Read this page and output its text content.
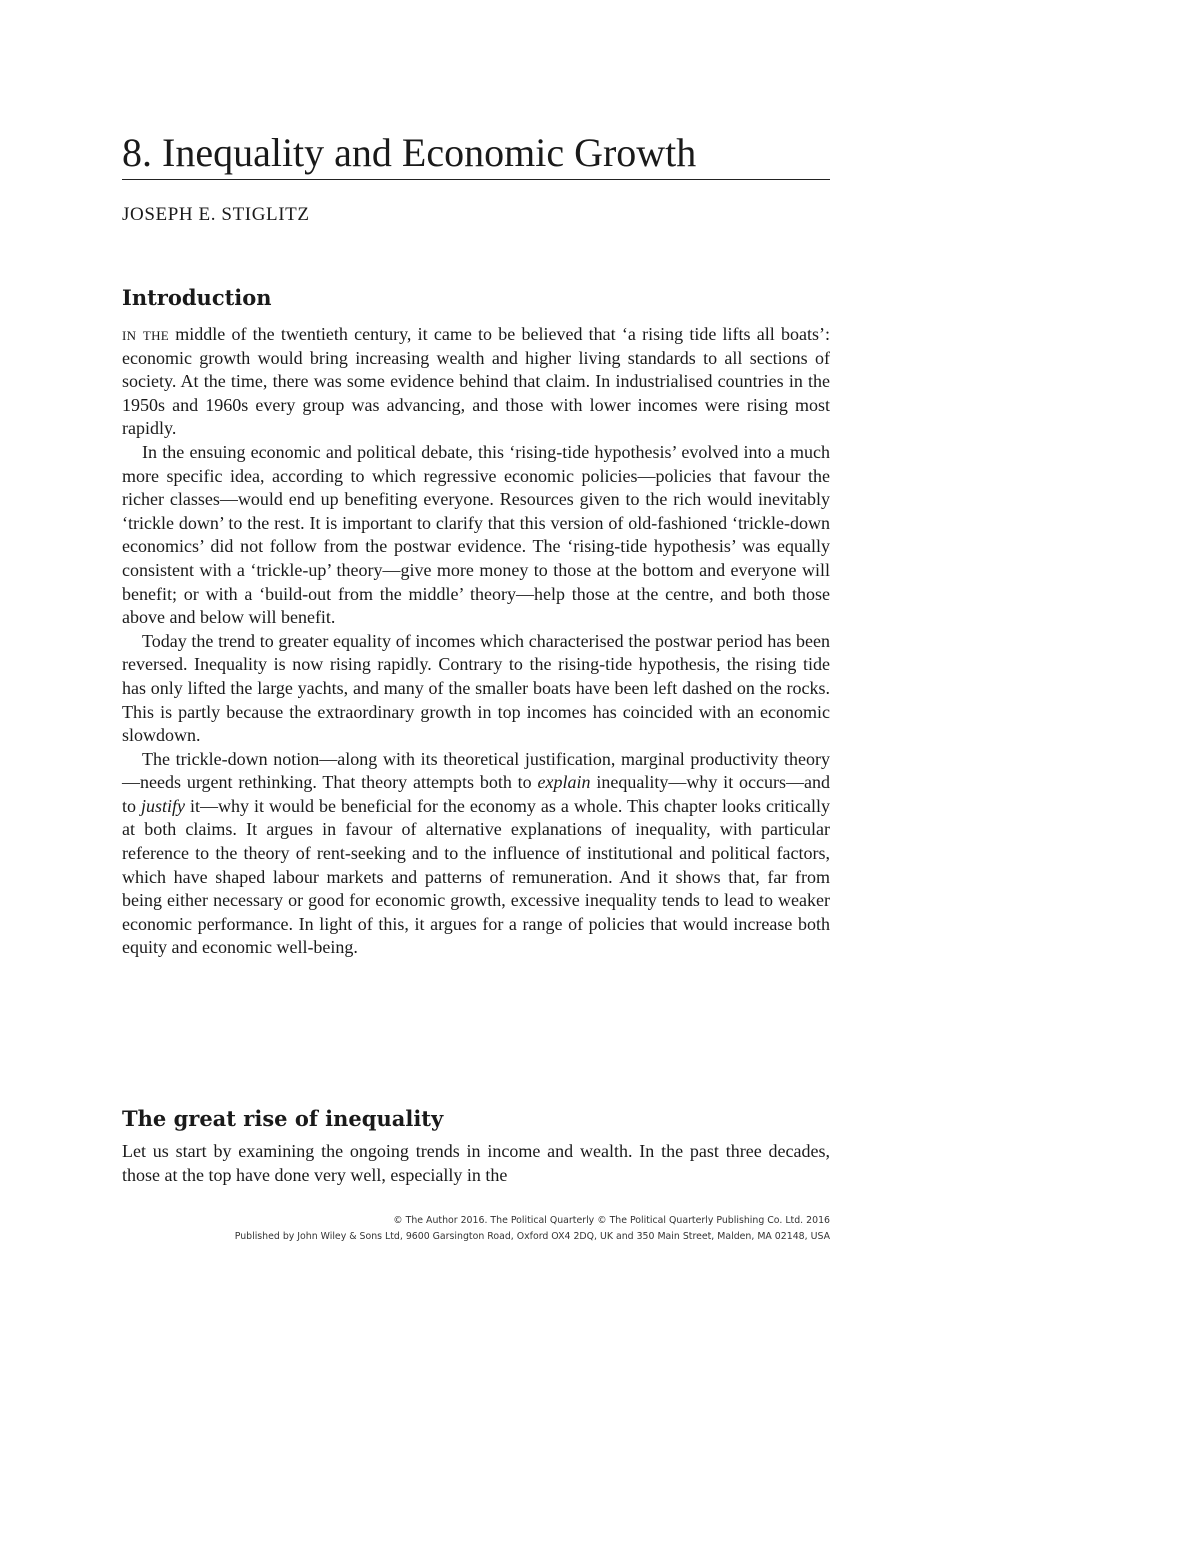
8. Inequality and Economic Growth
JOSEPH E. STIGLITZ
Introduction

in the middle of the twentieth century, it came to be believed that ‘a rising tide lifts all boats’: economic growth would bring increasing wealth and higher living standards to all sections of society. At the time, there was some evidence behind that claim. In industrialised countries in the 1950s and 1960s every group was advancing, and those with lower incomes were rising most rapidly.

In the ensuing economic and political debate, this ‘rising-tide hypothesis’ evolved into a much more specific idea, according to which regressive economic policies—policies that favour the richer classes—would end up benefiting everyone. Resources given to the rich would inevitably ‘trickle down’ to the rest. It is important to clarify that this version of old-fashioned ‘trickle-down economics’ did not follow from the postwar evidence. The ‘rising-tide hypothesis’ was equally consistent with a ‘trickle-up’ theory—give more money to those at the bottom and everyone will benefit; or with a ‘build-out from the middle’ theory—help those at the centre, and both those above and below will benefit.

Today the trend to greater equality of incomes which characterised the postwar period has been reversed. Inequality is now rising rapidly. Contrary to the rising-tide hypothesis, the rising tide has only lifted the large yachts, and many of the smaller boats have been left dashed on the rocks. This is partly because the extraordinary growth in top incomes has coincided with an economic slowdown.

The trickle-down notion—along with its theoretical justification, marginal productivity theory—needs urgent rethinking. That theory attempts both to explain inequality—why it occurs—and to justify it—why it would be beneficial for the economy as a whole. This chapter looks critically at both claims. It argues in favour of alternative explanations of inequality, with particular reference to the theory of rent-seeking and to the influence of institutional and political factors, which have shaped labour markets and patterns of remuneration. And it shows that, far from being either necessary or good for economic growth, excessive inequality tends to lead to weaker economic performance. In light of this, it argues for a range of policies that would increase both equity and economic well-being.

The great rise of inequality

Let us start by examining the ongoing trends in income and wealth. In the past three decades, those at the top have done very well, especially in the

© The Author 2016. The Political Quarterly © The Political Quarterly Publishing Co. Ltd. 2016
Published by John Wiley & Sons Ltd, 9600 Garsington Road, Oxford OX4 2DQ, UK and 350 Main Street, Malden, MA 02148, USA
